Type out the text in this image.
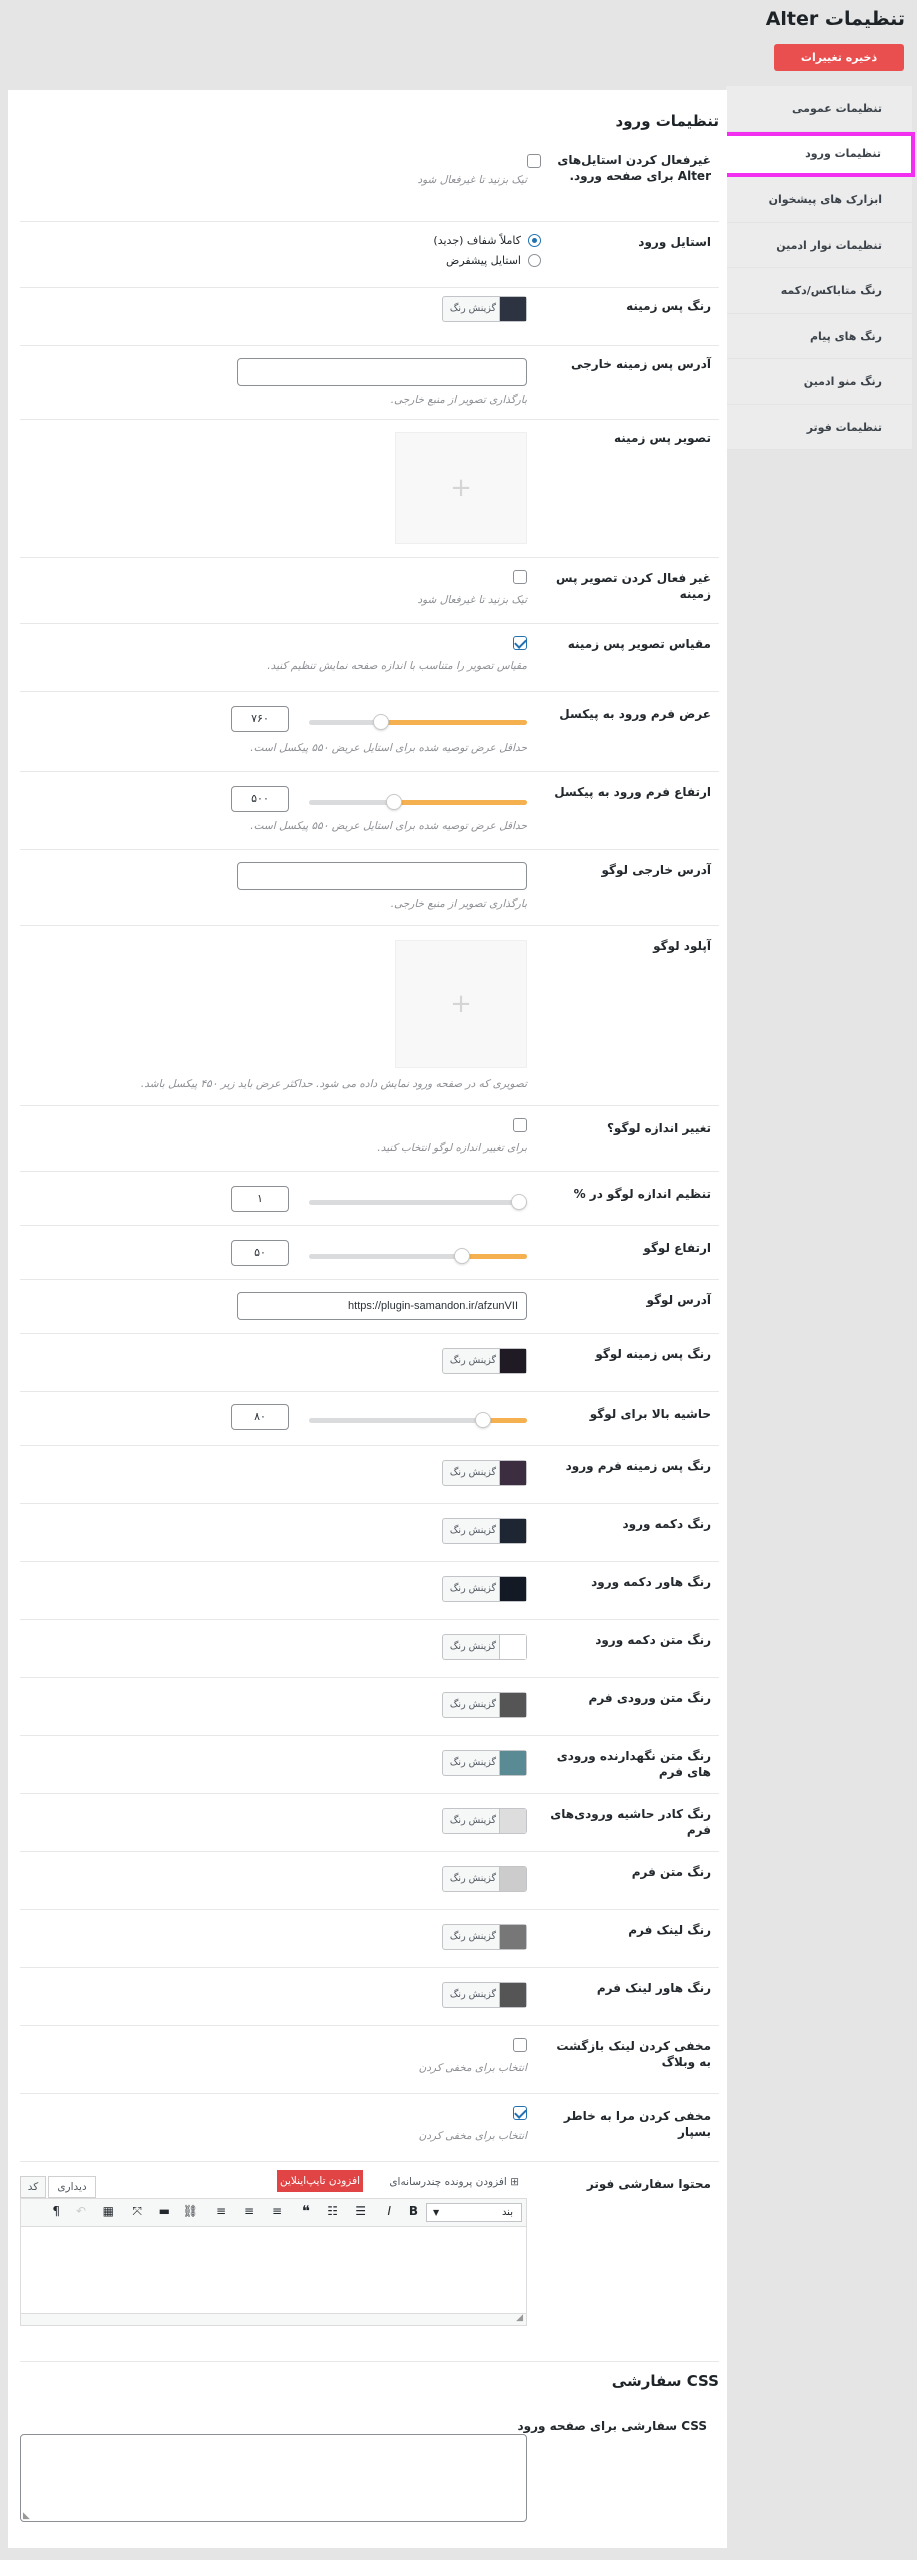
تنظیمات Alter
ذخیره تغییرات
تنظیمات عمومی
تنظیمات ورود
ابزارک های پیشخوان
تنظیمات نوار ادمین
رنگ متاباکس/دکمه
رنگ های پیام
رنگ منو ادمین
تنظیمات فوتر
تنظیمات ورود
غیرفعال کردن استایل‌های Alter برای صفحه ورود.
تیک بزنید تا غیرفعال شود
استایل ورود
کاملاً شفاف (جدید)
استایل پیشفرض
رنگ پس زمینه
گزینش رنگ
آدرس پس زمینه خارجی
بارگذاری تصویر از منبع خارجی.
تصویر پس زمینه
+
غیر فعال کردن تصویر پس زمینه
تیک بزنید تا غیرفعال شود
مقیاس تصویر پس زمینه
مقیاس تصویر را متناسب با اندازه صفحه نمایش تنظیم کنید.
عرض فرم ورود به پیکسل
۷۶۰
حداقل عرض توصیه شده برای استایل عریض ۵۵۰ پیکسل است.
ارتفاع فرم ورود به پیکسل
۵۰۰
حداقل عرض توصیه شده برای استایل عریض ۵۵۰ پیکسل است.
آدرس خارجی لوگو
بارگذاری تصویر از منبع خارجی.
آپلود لوگو
+
تصویری که در صفحه ورود نمایش داده می شود. حداکثر عرض باید زیر ۴۵۰ پیکسل باشد.
تغییر اندازه لوگو؟
برای تغییر اندازه لوگو انتخاب کنید.
تنظیم اندازه لوگو در %
۱
ارتفاع لوگو
۵۰
آدرس لوگو
https://plugin-samandon.ir/afzunVII
رنگ پس زمینه لوگو
گزینش رنگ
حاشیه بالا برای لوگو
۸۰
رنگ پس زمینه فرم ورود
گزینش رنگ
رنگ دکمه ورود
گزینش رنگ
رنگ هاور دکمه ورود
گزینش رنگ
رنگ متن دکمه ورود
گزینش رنگ
رنگ متن ورودی فرم
گزینش رنگ
رنگ متن نگهدارنده ورودی های فرم
گزینش رنگ
رنگ کادر حاشیه ورودی‌های فرم
گزینش رنگ
رنگ متن فرم
گزینش رنگ
رنگ لینک فرم
گزینش رنگ
رنگ هاور لینک فرم
گزینش رنگ
مخفی کردن لینک بازگشت به وبلاگ
انتخاب برای مخفی کردن
مخفی کردن مرا به خاطر بسپار
انتخاب برای مخفی کردن
محتوا سفارشی فوتر
کد	دیداری	افزودن تایپ‌اینلاین	⊞ افزودن پرونده چندرسانه‌ای
بند
▼
B
I
☰
☷
❝
≡
≡
≡
⛓
▬
⤧
▦
↶
¶
◢
CSS سفارشی
CSS سفارشی برای صفحه ورود
◢
